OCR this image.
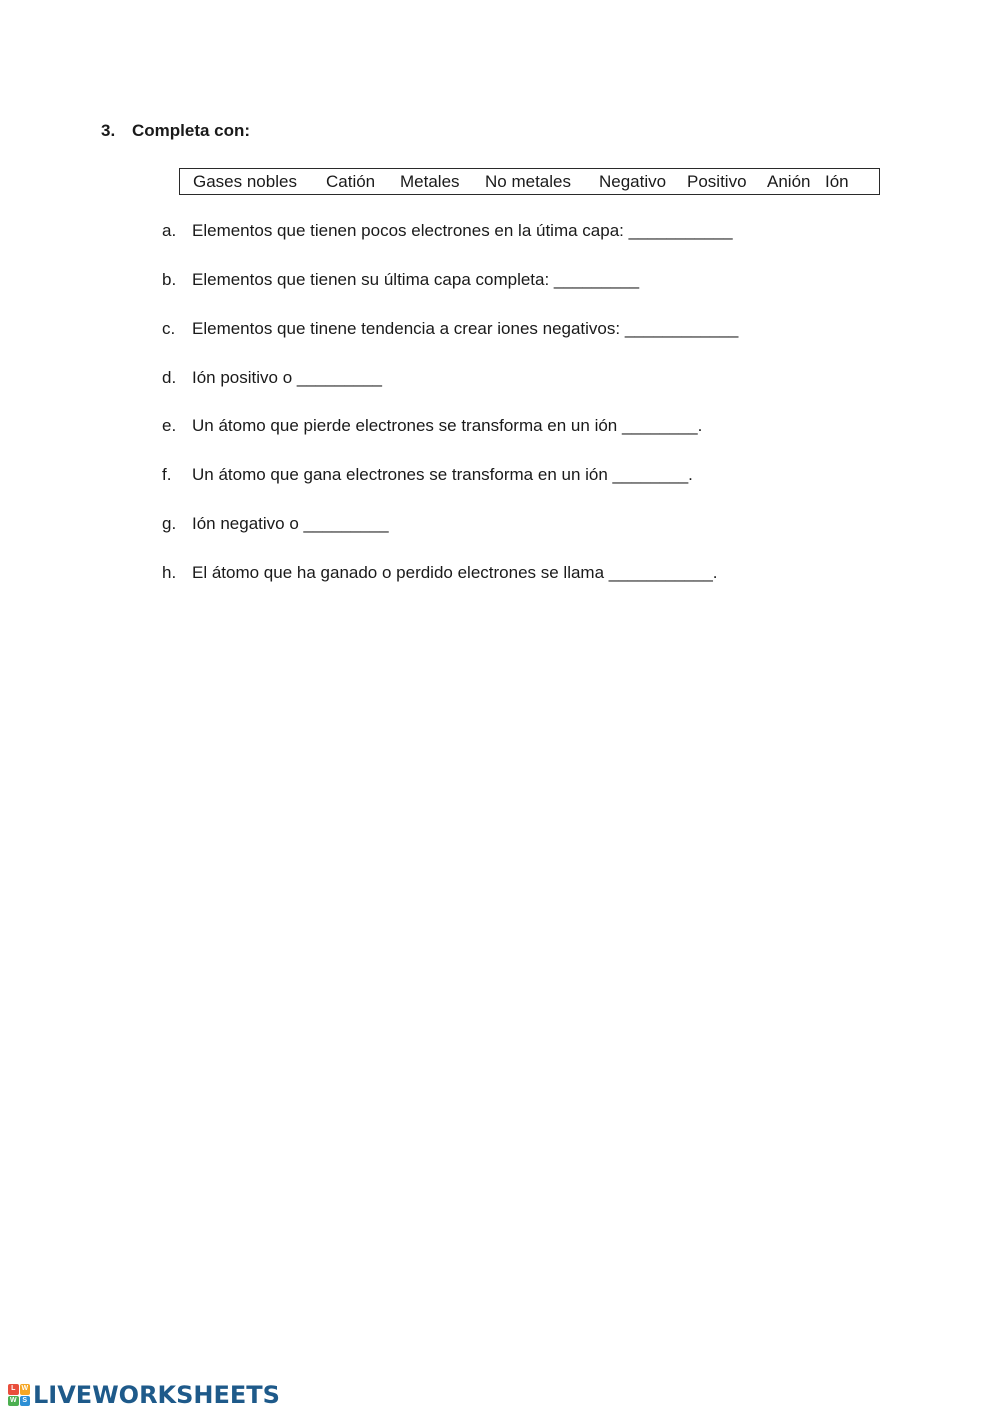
3. Completa con:
Gases nobles Catión Metales No metales Negativo Positivo Anión Ión
a. Elementos que tienen pocos electrones en la útima capa: ___________
b. Elementos que tienen su última capa completa: _________
c. Elementos que tinene tendencia a crear iones negativos: ____________
d. Ión positivo o _________
e. Un átomo que pierde electrones se transforma en un ión ________.
f. Un átomo que gana electrones se transforma en un ión ________.
g. Ión negativo o _________
h. El átomo que ha ganado o perdido electrones se llama ___________.
L W
W S LIVEWORKSHEETS
